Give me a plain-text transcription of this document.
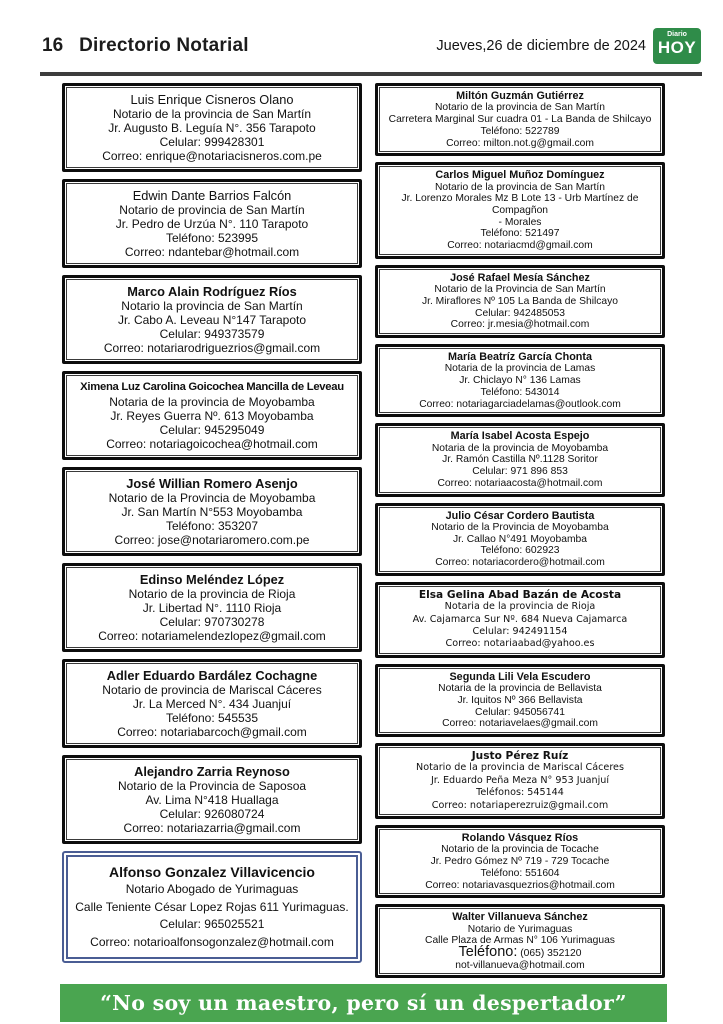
16 Directorio Notarial	Jueves,26 de diciembre de 2024
Diario
HOY
Luis Enrique Cisneros Olano
Notario de la provincia de San Martín
Jr. Augusto B. Leguía N°. 356 Tarapoto
Celular: 999428301
Correo: enrique@notariacisneros.com.pe
Edwin Dante Barrios Falcón
Notario de provincia de San Martín
Jr. Pedro de Urzúa N°. 110 Tarapoto
Teléfono: 523995
Correo: ndantebar@hotmail.com
Marco Alain Rodríguez Ríos
Notario la provincia de San Martín
Jr. Cabo A. Leveau N°147 Tarapoto
Celular: 949373579
Correo: notariarodriguezrios@gmail.com
Ximena Luz Carolina Goicochea Mancilla de Leveau
Notaria de la provincia de Moyobamba
Jr. Reyes Guerra Nº. 613 Moyobamba
Celular: 945295049
Correo: notariagoicochea@hotmail.com
José Willian Romero Asenjo
Notario de la Provincia de Moyobamba
Jr. San Martín N°553 Moyobamba
Teléfono: 353207
Correo: jose@notariaromero.com.pe
Edinso Meléndez López
Notario de la provincia de Rioja
Jr. Libertad N°. 1110 Rioja
Celular: 970730278
Correo: notariamelendezlopez@gmail.com
Adler Eduardo Bardález Cochagne
Notario de provincia de Mariscal Cáceres
Jr. La Merced N°. 434 Juanjuí
Teléfono: 545535
Correo: notariabarcoch@gmail.com
Alejandro Zarria Reynoso
Notario de la Provincia de Saposoa
Av. Lima N°418 Huallaga
Celular: 926080724
Correo: notariazarria@gmail.com
Alfonso Gonzalez Villavicencio
Notario Abogado de Yurimaguas
Calle Teniente César Lopez Rojas 611 Yurimaguas.
Celular: 965025521
Correo: notarioalfonsogonzalez@hotmail.com
Miltón Guzmán Gutiérrez
Notario de la provincia de San Martín
Carretera Marginal Sur cuadra 01 - La Banda de Shilcayo
Teléfono: 522789
Correo: milton.not.g@gmail.com
Carlos Miguel Muñoz Domínguez
Notario de la provincia de San Martín
Jr. Lorenzo Morales Mz B Lote 13 - Urb Martínez de Compagñon
- Morales
Teléfono: 521497
Correo: notariacmd@gmail.com
José Rafael Mesía Sánchez
Notario de la Provincia de San Martín
Jr. Miraflores Nº 105 La Banda de Shilcayo
Celular: 942485053
Correo: jr.mesia@hotmail.com
María Beatríz García Chonta
Notaria de la provincia de Lamas
Jr. Chiclayo N° 136 Lamas
Teléfono: 543014
Correo: notariagarciadelamas@outlook.com
María Isabel Acosta Espejo
Notaria de la provincia de Moyobamba
Jr. Ramón Castilla Nº.1128 Soritor
Celular: 971 896 853
Correo: notariaacosta@hotmail.com
Julio César Cordero Bautista
Notario de la Provincia de Moyobamba
Jr. Callao N°491 Moyobamba
Teléfono: 602923
Correo: notariacordero@hotmail.com
Elsa Gelina Abad Bazán de Acosta
Notaria de la provincia de Rioja
Av. Cajamarca Sur Nº. 684 Nueva Cajamarca
Celular: 942491154
Correo: notariaabad@yahoo.es
Segunda Lili Vela Escudero
Notaria de la provincia de Bellavista
Jr. Iquitos Nº 366 Bellavista
Celular: 945056741
Correo: notariavelaes@gmail.com
Justo Pérez Ruíz
Notario de la provincia de Mariscal Cáceres
Jr. Eduardo Peña Meza N° 953 Juanjuí
Teléfonos: 545144
Correo: notariaperezruiz@gmail.com
Rolando Vásquez Ríos
Notario de la provincia de Tocache
Jr. Pedro Gómez Nº 719 - 729 Tocache
Teléfono: 551604
Correo: notariavasquezrios@hotmail.com
Walter Villanueva Sánchez
Notario de Yurimaguas
Calle Plaza de Armas N° 106 Yurimaguas
Teléfono: (065) 352120
not-villanueva@hotmail.com
“No soy un maestro, pero sí un despertador”
